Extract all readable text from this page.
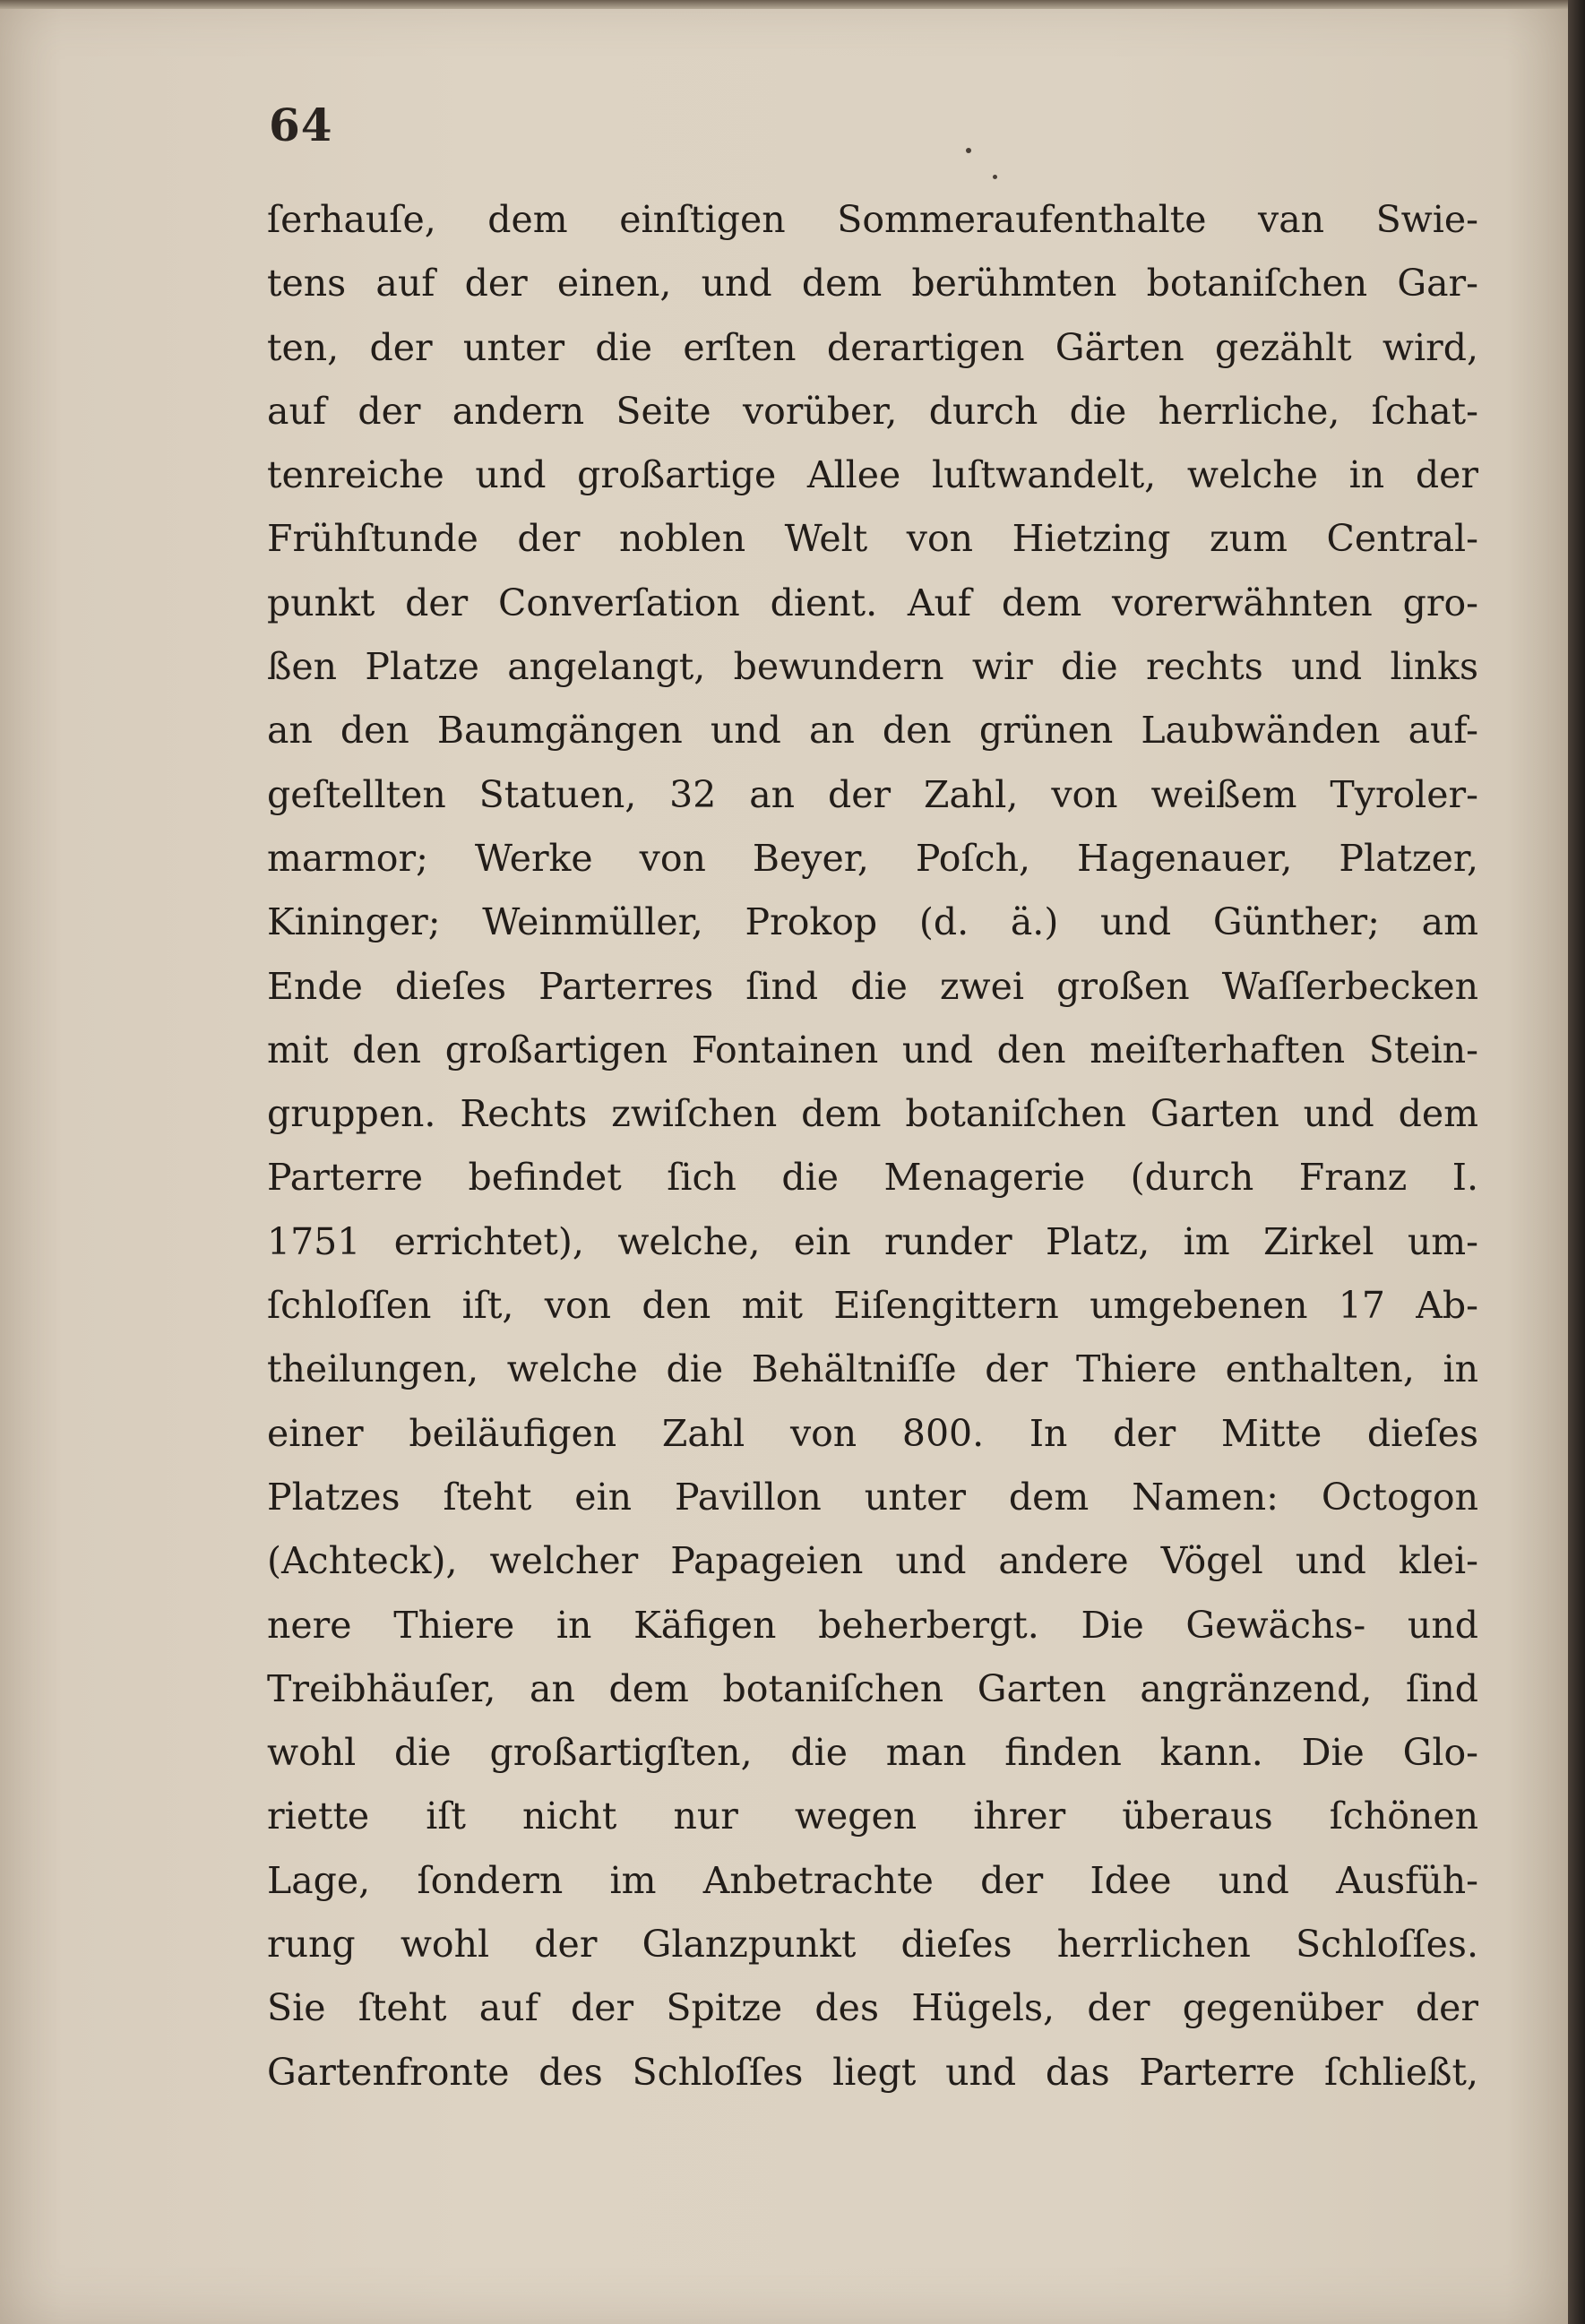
64
ſerhauſe, dem einſtigen Sommeraufenthalte van Swie-
tens auf der einen, und dem berühmten botaniſchen Gar-
ten, der unter die erſten derartigen Gärten gezählt wird,
auf der andern Seite vorüber, durch die herrliche, ſchat-
tenreiche und großartige Allee luſtwandelt, welche in der
Frühſtunde der noblen Welt von Hietzing zum Central-
punkt der Converſation dient. Auf dem vorerwähnten gro-
ßen Platze angelangt, bewundern wir die rechts und links
an den Baumgängen und an den grünen Laubwänden auf-
geſtellten Statuen, 32 an der Zahl, von weißem Tyroler-
marmor; Werke von Beyer, Poſch, Hagenauer, Platzer,
Kininger; Weinmüller, Prokop (d. ä.) und Günther; am
Ende dieſes Parterres ſind die zwei großen Waſſerbecken
mit den großartigen Fontainen und den meiſterhaften Stein-
gruppen. Rechts zwiſchen dem botaniſchen Garten und dem
Parterre befindet ſich die Menagerie (durch Franz I.
1751 errichtet), welche, ein runder Platz, im Zirkel um-
ſchloſſen iſt, von den mit Eiſengittern umgebenen 17 Ab-
theilungen, welche die Behältniſſe der Thiere enthalten, in
einer beiläufigen Zahl von 800. In der Mitte dieſes
Platzes ſteht ein Pavillon unter dem Namen: Octogon
(Achteck), welcher Papageien und andere Vögel und klei-
nere Thiere in Käfigen beherbergt. Die Gewächs- und
Treibhäuſer, an dem botaniſchen Garten angränzend, ſind
wohl die großartigſten, die man finden kann. Die Glo-
riette iſt nicht nur wegen ihrer überaus ſchönen
Lage, ſondern im Anbetrachte der Idee und Ausfüh-
rung wohl der Glanzpunkt dieſes herrlichen Schloſſes.
Sie ſteht auf der Spitze des Hügels, der gegenüber der
Gartenfronte des Schloſſes liegt und das Parterre ſchließt,
